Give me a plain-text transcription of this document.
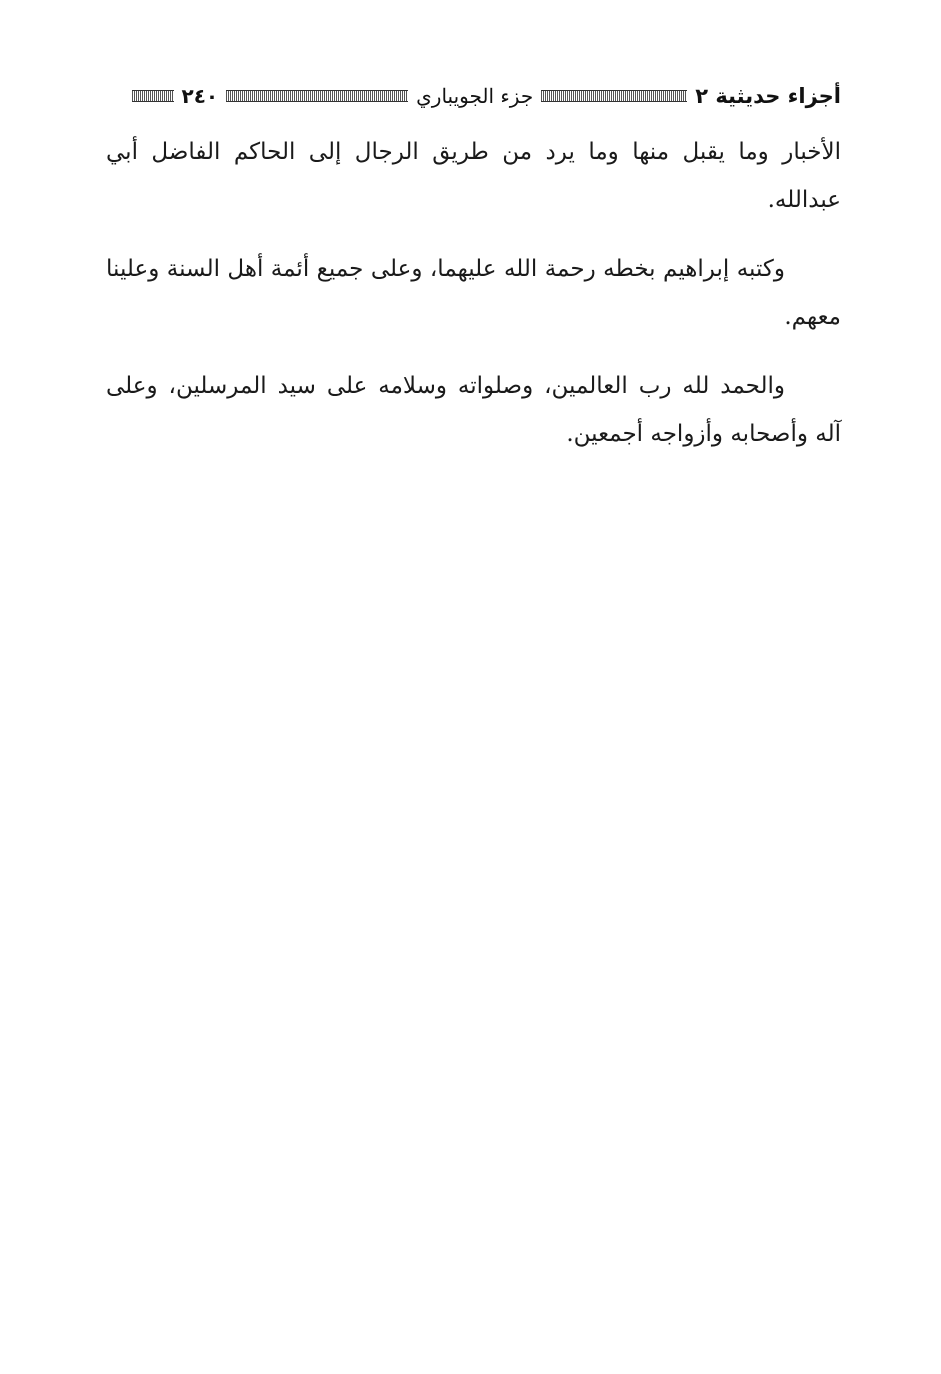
أجزاء حديثية ٢
جزء الجويباري
٢٤٠

الأخبار وما يقبل منها وما يرد من طريق الرجال إلى الحاكم الفاضل أبي عبدالله.

وكتبه إبراهيم بخطه رحمة الله عليهما، وعلى جميع أئمة أهل السنة وعلينا معهم.

والحمد لله رب العالمين، وصلواته وسلامه على سيد المرسلين، وعلى آله وأصحابه وأزواجه أجمعين.
